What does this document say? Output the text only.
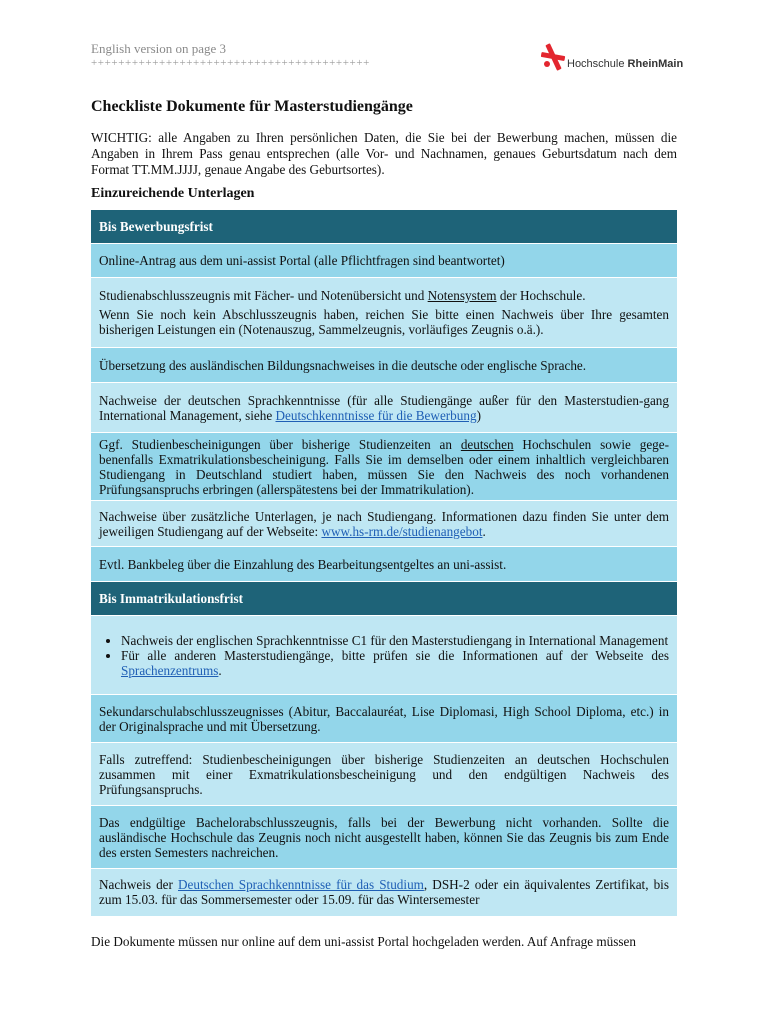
English version on page 3
+++++++++++++++++++++++++++++++++++++++++	Hochschule RheinMain
Checkliste Dokumente für Masterstudiengänge

WICHTIG: alle Angaben zu Ihren persönlichen Daten, die Sie bei der Bewerbung machen, müssen die Angaben in Ihrem Pass genau entsprechen (alle Vor- und Nachnamen, genaues Geburtsdatum nach dem Format TT.MM.JJJJ, genaue Angabe des Geburtsortes).

Einzureichende Unterlagen
Bis Bewerbungsfrist
Online-Antrag aus dem uni-assist Portal (alle Pflichtfragen sind beantwortet)

Studienabschlusszeugnis mit Fächer- und Notenübersicht und Notensystem der Hochschule.

Wenn Sie noch kein Abschlusszeugnis haben, reichen Sie bitte einen Nachweis über Ihre gesamten bisherigen Leistungen ein (Notenauszug, Sammelzeugnis, vorläufiges Zeugnis o.ä.).

Übersetzung des ausländischen Bildungsnachweises in die deutsche oder englische Sprache.
Nachweise der deutschen Sprachkenntnisse (für alle Studiengänge außer für den Masterstudien-gang International Management, siehe Deutschkenntnisse für die Bewerbung)
Ggf. Studienbescheinigungen über bisherige Studienzeiten an deutschen Hochschulen sowie gege-benenfalls Exmatrikulationsbescheinigung. Falls Sie im demselben oder einem inhaltlich vergleichbaren Studiengang in Deutschland studiert haben, müssen Sie den Nachweis des noch vorhandenen Prüfungsanspruchs erbringen (allerspätestens bei der Immatrikulation).
Nachweise über zusätzliche Unterlagen, je nach Studiengang. Informationen dazu finden Sie unter dem jeweiligen Studiengang auf der Webseite: www.hs-rm.de/studienangebot.
Evtl. Bankbeleg über die Einzahlung des Bearbeitungsentgeltes an uni-assist.
Bis Immatrikulationsfrist

• Nachweis der englischen Sprachkenntnisse C1 für den Masterstudiengang in International Management
• Für alle anderen Masterstudiengänge, bitte prüfen sie die Informationen auf der Webseite des Sprachenzentrums.

Sekundarschulabschlusszeugnisses (Abitur, Baccalauréat, Lise Diplomasi, High School Diploma, etc.) in der Originalsprache und mit Übersetzung.
Falls zutreffend: Studienbescheinigungen über bisherige Studienzeiten an deutschen Hochschulen zusammen mit einer Exmatrikulationsbescheinigung und den endgültigen Nachweis des Prüfungsanspruchs.
Das endgültige Bachelorabschlusszeugnis, falls bei der Bewerbung nicht vorhanden. Sollte die ausländische Hochschule das Zeugnis noch nicht ausgestellt haben, können Sie das Zeugnis bis zum Ende des ersten Semesters nachreichen.
Nachweis der Deutschen Sprachkenntnisse für das Studium, DSH-2 oder ein äquivalentes Zertifikat, bis zum 15.03. für das Sommersemester oder 15.09. für das Wintersemester
Die Dokumente müssen nur online auf dem uni-assist Portal hochgeladen werden. Auf Anfrage müssen
